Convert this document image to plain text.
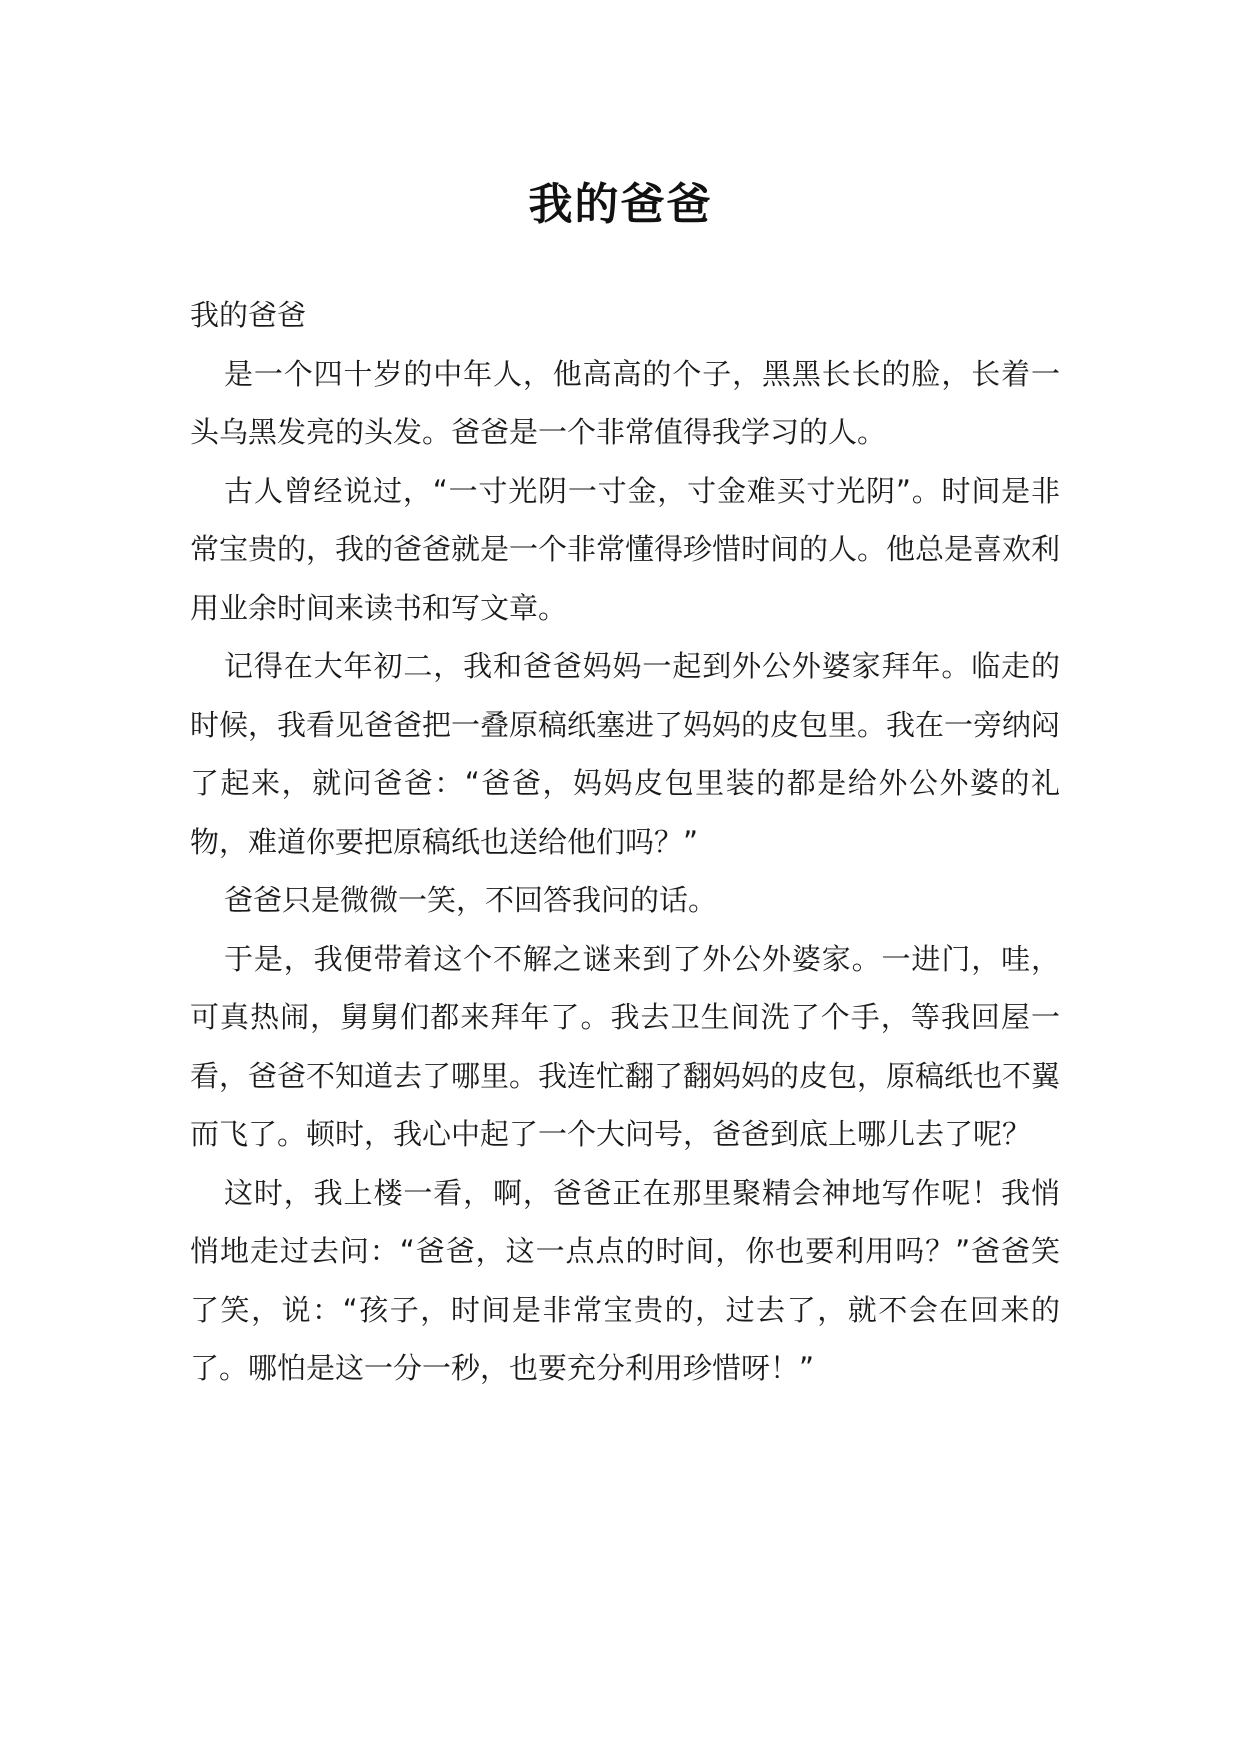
我的爸爸

我的爸爸

是一个四十岁的中年人，他高高的个子，黑黑长长的脸，长着一头乌黑发亮的头发。爸爸是一个非常值得我学习的人。

古人曾经说过，“一寸光阴一寸金，寸金难买寸光阴”。时间是非常宝贵的，我的爸爸就是一个非常懂得珍惜时间的人。他总是喜欢利用业余时间来读书和写文章。

记得在大年初二，我和爸爸妈妈一起到外公外婆家拜年。临走的时候，我看见爸爸把一叠原稿纸塞进了妈妈的皮包里。我在一旁纳闷了起来，就问爸爸：“爸爸，妈妈皮包里装的都是给外公外婆的礼物，难道你要把原稿纸也送给他们吗？”

爸爸只是微微一笑，不回答我问的话。

于是，我便带着这个不解之谜来到了外公外婆家。一进门，哇，可真热闹，舅舅们都来拜年了。我去卫生间洗了个手，等我回屋一看，爸爸不知道去了哪里。我连忙翻了翻妈妈的皮包，原稿纸也不翼而飞了。顿时，我心中起了一个大问号，爸爸到底上哪儿去了呢？

这时，我上楼一看，啊，爸爸正在那里聚精会神地写作呢！我悄悄地走过去问：“爸爸，这一点点的时间，你也要利用吗？”爸爸笑了笑，说：“孩子，时间是非常宝贵的，过去了，就不会在回来的了。哪怕是这一分一秒，也要充分利用珍惜呀！”
